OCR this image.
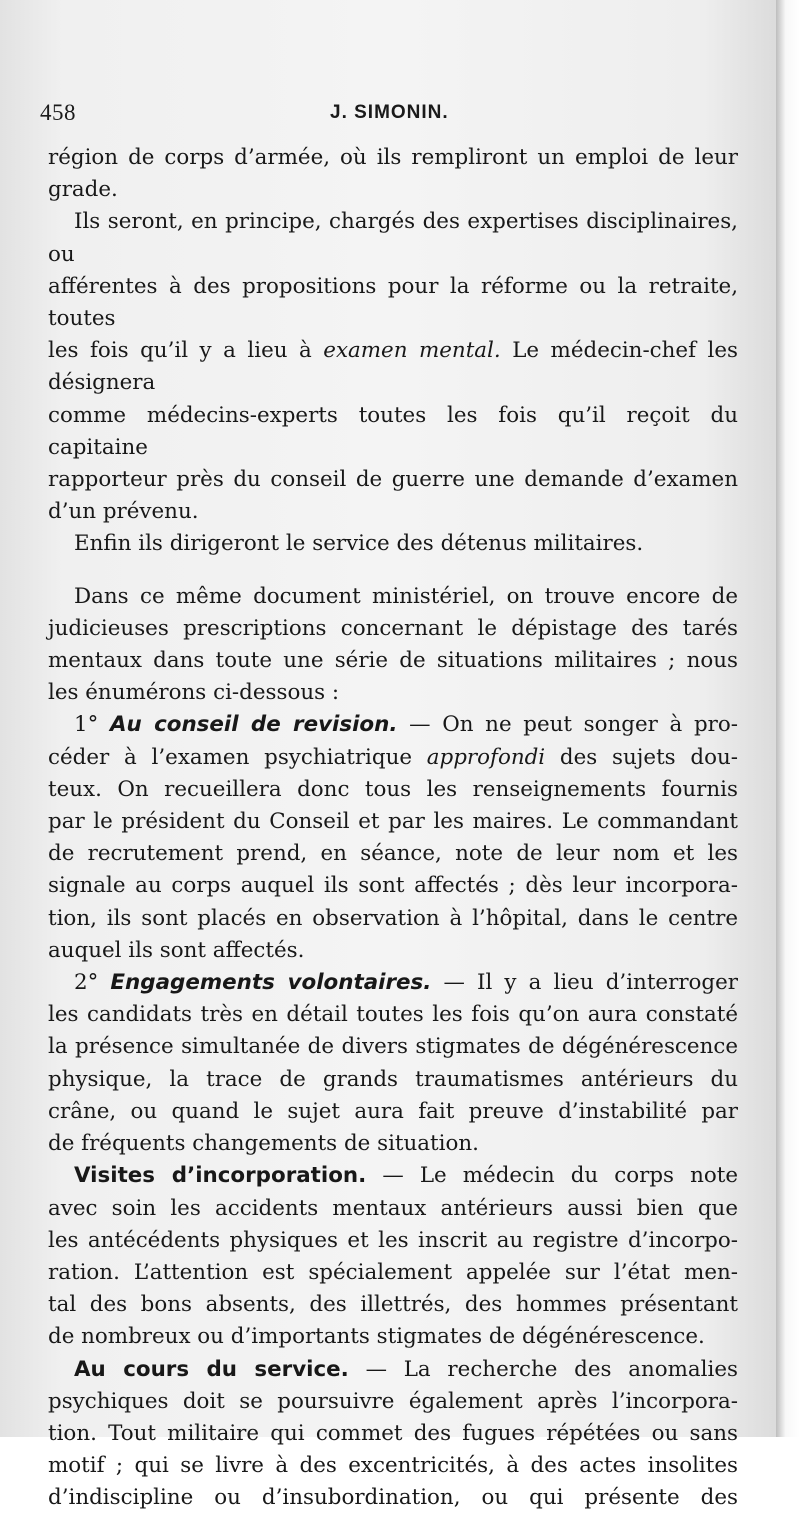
458	J. SIMONIN.

région de corps d’armée, où ils rempliront un emploi de leur grade.

Ils seront, en principe, chargés des expertises disciplinaires, ou

afférentes à des propositions pour la réforme ou la retraite, toutes

les fois qu’il y a lieu à examen mental. Le médecin-chef les désignera

comme médecins-experts toutes les fois qu’il reçoit du capitaine

rapporteur près du conseil de guerre une demande d’examen

d’un prévenu.

Enfin ils dirigeront le service des détenus militaires.

Dans ce même document ministériel, on trouve encore de

judicieuses prescriptions concernant le dépistage des tarés

mentaux dans toute une série de situations militaires ; nous

les énumérons ci-dessous :

1° Au conseil de revision. — On ne peut songer à pro-

céder à l’examen psychiatrique approfondi des sujets dou-

teux. On recueillera donc tous les renseignements fournis

par le président du Conseil et par les maires. Le commandant

de recrutement prend, en séance, note de leur nom et les

signale au corps auquel ils sont affectés ; dès leur incorpora-

tion, ils sont placés en observation à l’hôpital, dans le centre

auquel ils sont affectés.

2° Engagements volontaires. — Il y a lieu d’interroger

les candidats très en détail toutes les fois qu’on aura constaté

la présence simultanée de divers stigmates de dégénérescence

physique, la trace de grands traumatismes antérieurs du

crâne, ou quand le sujet aura fait preuve d’instabilité par

de fréquents changements de situation.

Visites d’incorporation. — Le médecin du corps note

avec soin les accidents mentaux antérieurs aussi bien que

les antécédents physiques et les inscrit au registre d’incorpo-

ration. L’attention est spécialement appelée sur l’état men-

tal des bons absents, des illettrés, des hommes présentant

de nombreux ou d’importants stigmates de dégénérescence.

Au cours du service. — La recherche des anomalies

psychiques doit se poursuivre également après l’incorpora-

tion. Tout militaire qui commet des fugues répétées ou sans

motif ; qui se livre à des excentricités, à des actes insolites

d’indiscipline ou d’insubordination, ou qui présente des
